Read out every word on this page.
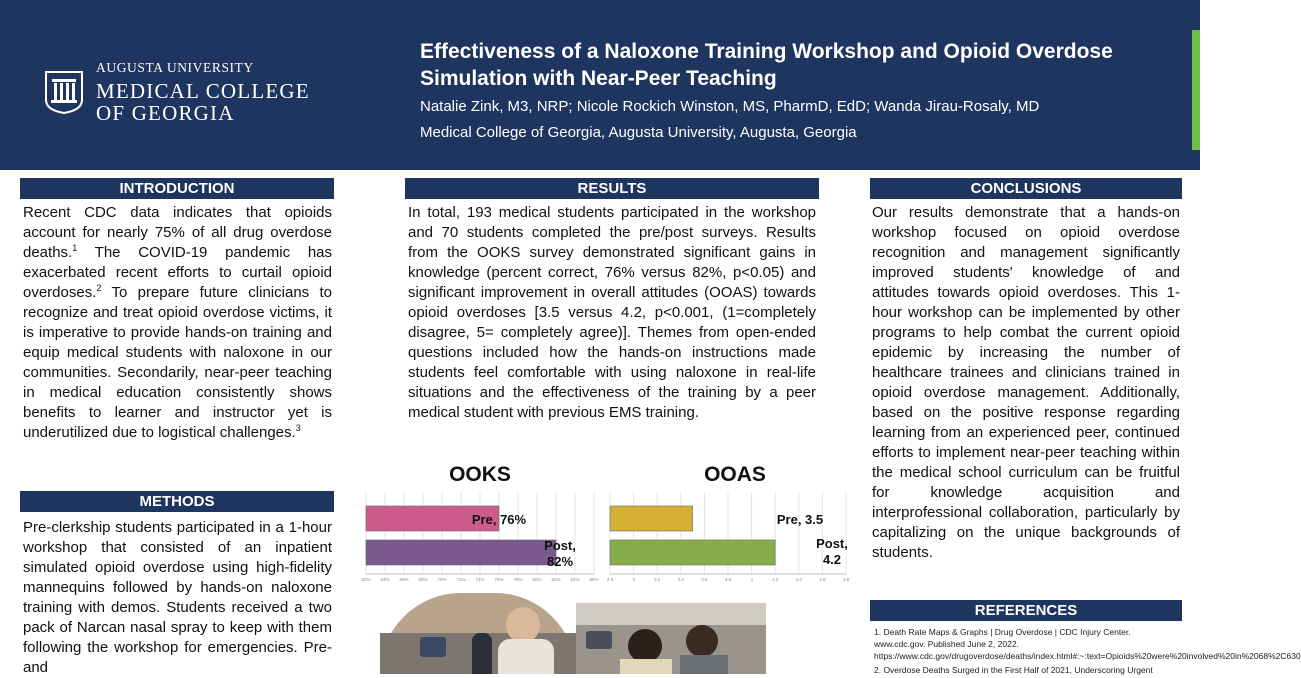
AUGUSTA UNIVERSITY
MEDICAL COLLEGE
OF GEORGIA
Effectiveness of a Naloxone Training Workshop and Opioid Overdose Simulation with Near-Peer Teaching
Natalie Zink, M3, NRP; Nicole Rockich Winston, MS, PharmD, EdD; Wanda Jirau-Rosaly, MD
Medical College of Georgia, Augusta University, Augusta, Georgia
INTRODUCTION
Recent CDC data indicates that opioids account for nearly 75% of all drug overdose deaths.$^1$ The COVID-19 pandemic has exacerbated recent efforts to curtail opioid overdoses.$^2$ To prepare future clinicians to recognize and treat opioid overdose victims, it is imperative to provide hands-on training and equip medical students with naloxone in our communities. Secondarily, near-peer teaching in medical education consistently shows benefits to learner and instructor yet is underutilized due to logistical challenges.$^3$
METHODS
Pre-clerkship students participated in a 1-hour workshop that consisted of an inpatient simulated opioid overdose using high-fidelity mannequins followed by hands-on naloxone training with demos. Students received a two pack of Narcan nasal spray to keep with them following the workshop for emergencies. Pre- and
RESULTS
In total, 193 medical students participated in the workshop and 70 students completed the pre/post surveys. Results from the OOKS survey demonstrated significant gains in knowledge (percent correct, 76% versus 82%, p<0.05) and significant improvement in overall attitudes (OOAS) towards opioid overdoses [3.5 versus 4.2, p<0.001, (1=completely disagree, 5= completely agree)]. Themes from open-ended questions included how the hands-on instructions made students feel comfortable with using naloxone in real-life situations and the effectiveness of the training by a peer medical student with previous EMS training.
OOKS
62% 64% 66% 68% 70% 72% 74% 76% 78% 80% 82% 84% 86%
Pre, 76%
Post,
82%
OOAS
2.8	3	3.2	3.4	3.6	3.8	4	4.2	4.4	4.6	4.8
Pre, 3.5
Post,
4.2
CONCLUSIONS
Our results demonstrate that a hands-on workshop focused on opioid overdose recognition and management significantly improved students' knowledge of and attitudes towards opioid overdoses. This 1-hour workshop can be implemented by other programs to help combat the current opioid epidemic by increasing the number of healthcare trainees and clinicians trained in opioid overdose management. Additionally, based on the positive response regarding learning from an experienced peer, continued efforts to implement near-peer teaching within the medical school curriculum can be fruitful for knowledge acquisition and interprofessional collaboration, particularly by capitalizing on the unique backgrounds of students.
REFERENCES
1. Death Rate Maps & Graphs | Drug Overdose | CDC Injury Center. www.cdc.gov. Published June 2, 2022. https://www.cdc.gov/drugoverdose/deaths/index.html#:~:text=Opioids%20were%20involved%20in%2068%2C630
2. Overdose Deaths Surged in the First Half of 2021, Underscoring Urgent
